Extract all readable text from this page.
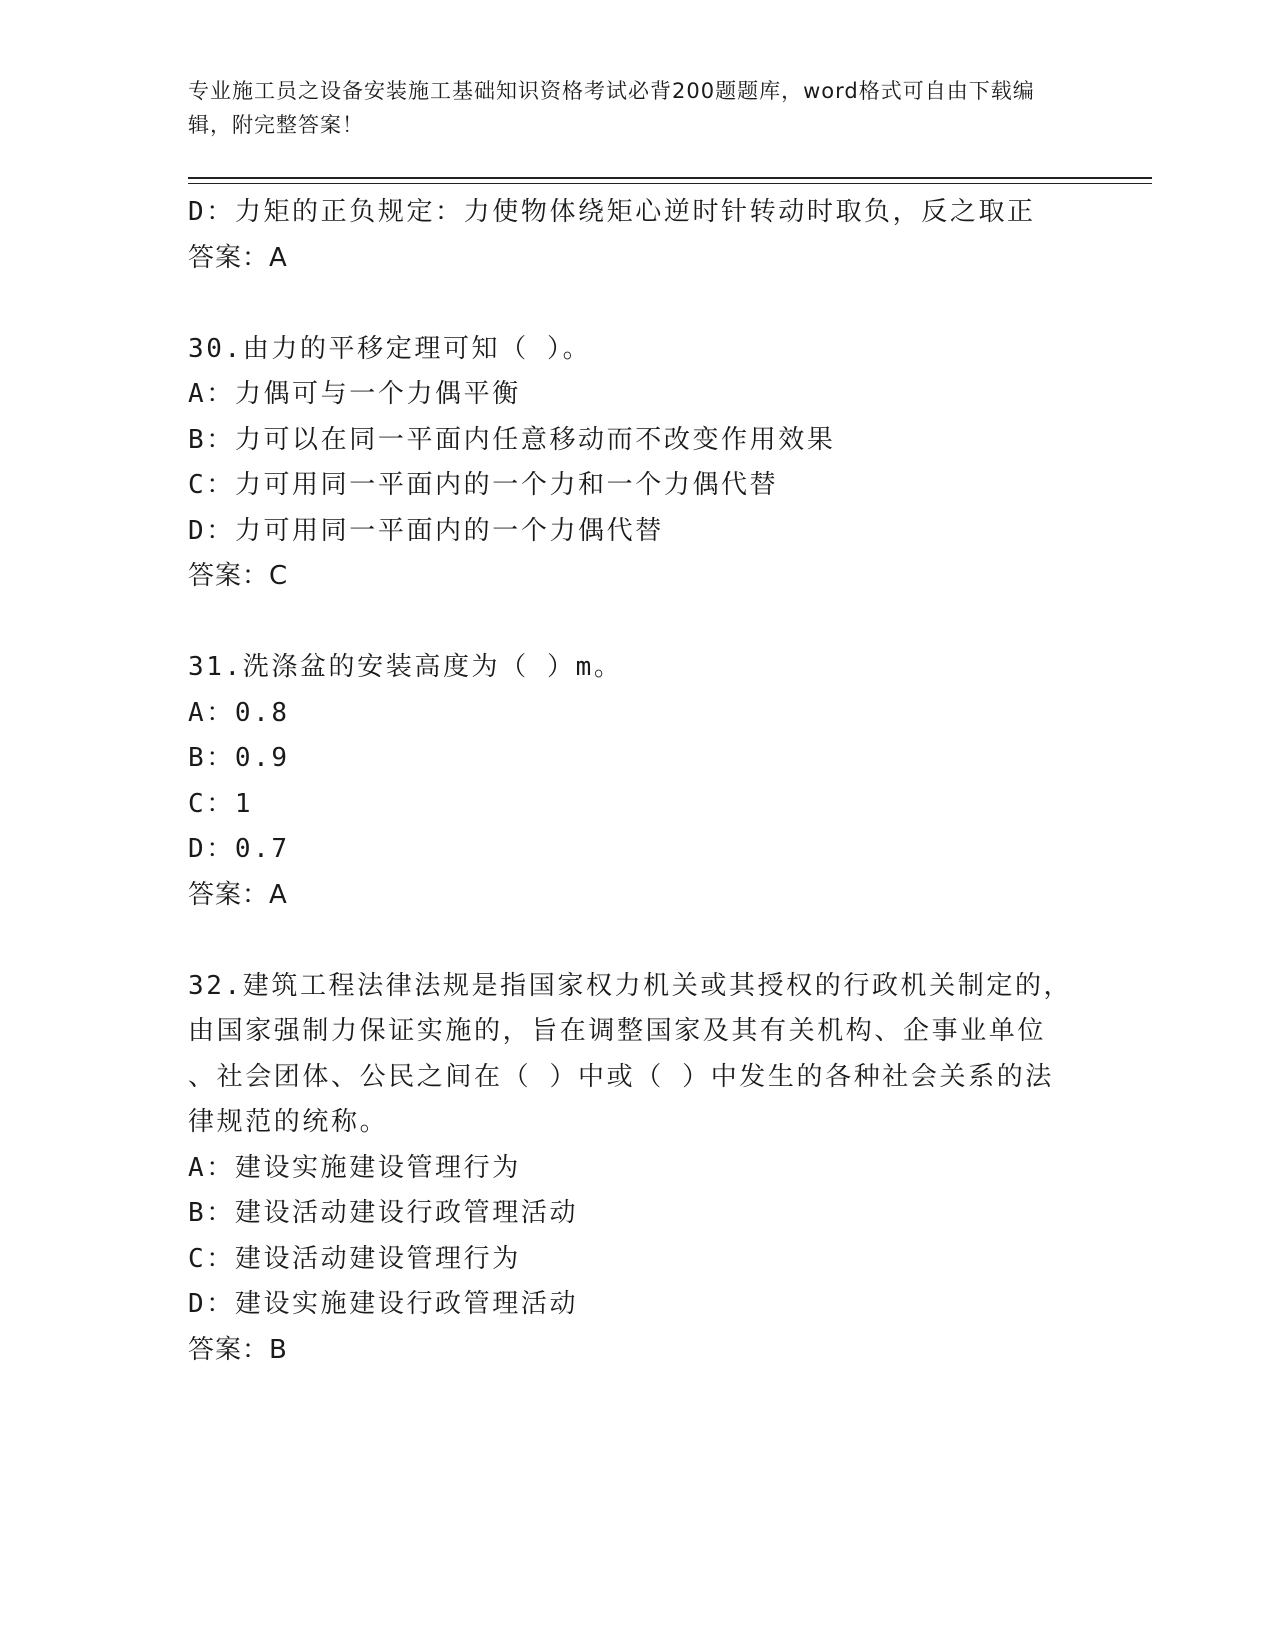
专业施工员之设备安装施工基础知识资格考试必背200题题库，word格式可自由下载编辑，附完整答案！
D：力矩的正负规定：力使物体绕矩心逆时针转动时取负，反之取正
答案：A
30.由力的平移定理可知（ ）。
A：力偶可与一个力偶平衡
B：力可以在同一平面内任意移动而不改变作用效果
C：力可用同一平面内的一个力和一个力偶代替
D：力可用同一平面内的一个力偶代替
答案：C
31.洗涤盆的安装高度为（ ）m。
A：0.8
B：0.9
C：1
D：0.7
答案：A
32.建筑工程法律法规是指国家权力机关或其授权的行政机关制定的，
由国家强制力保证实施的，旨在调整国家及其有关机构、企事业单位
、社会团体、公民之间在（ ）中或（ ）中发生的各种社会关系的法
律规范的统称。
A：建设实施建设管理行为
B：建设活动建设行政管理活动
C：建设活动建设管理行为
D：建设实施建设行政管理活动
答案：B
